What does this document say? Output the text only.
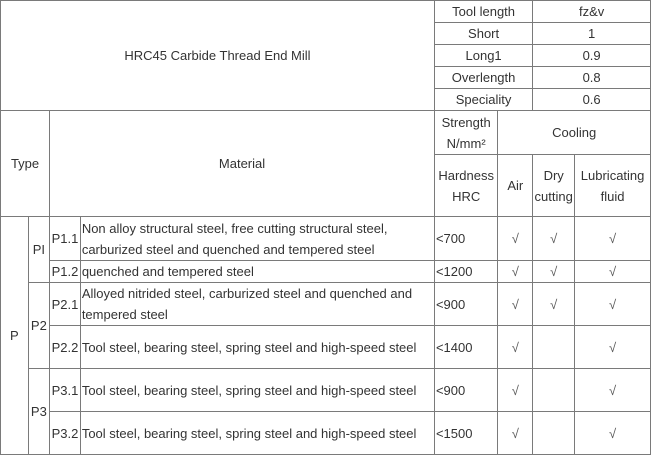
HRC45 Carbide Thread End Mill				Tool length		fz&v	
				Short		1	
				Long1		0.9	
				Overlength		0.8	
				Speciality		0.6	
Type		Material		Strength N/mm²	Cooling		
				Hardness HRC	Air	Dry cutting	Lubricating fluid
P	PI	P1.1	Non alloy structural steel, free cutting structural steel, carburized steel and quenched and tempered steel	<700	√	√	√
		P1.2	quenched and tempered steel	<1200	√	√	√
	P2	P2.1	Alloyed nitrided steel, carburized steel and quenched and tempered steel	<900	√	√	√
		P2.2	Tool steel, bearing steel, spring steel and high-speed steel	<1400	√		√
	P3	P3.1	Tool steel, bearing steel, spring steel and high-speed steel	<900	√		√
		P3.2	Tool steel, bearing steel, spring steel and high-speed steel	<1500	√		√
